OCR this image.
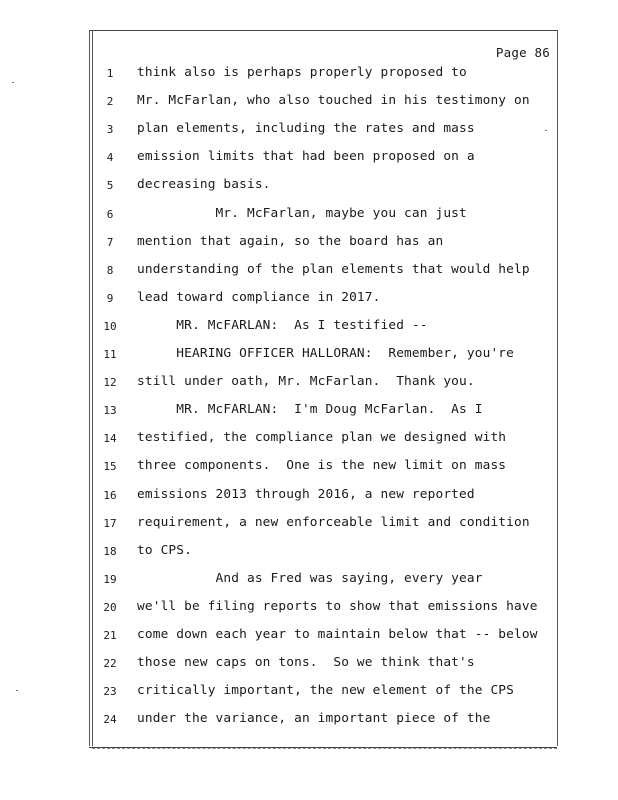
Page 86
1	think also is perhaps properly proposed to
2	Mr. McFarlan, who also touched in his testimony on
3	plan elements, including the rates and mass
4	emission limits that had been proposed on a
5	decreasing basis.
6	Mr. McFarlan, maybe you can just
7	mention that again, so the board has an
8	understanding of the plan elements that would help
9	lead toward compliance in 2017.
10	MR. McFARLAN:  As I testified --
11	HEARING OFFICER HALLORAN:  Remember, you're
12	still under oath, Mr. McFarlan.  Thank you.
13	MR. McFARLAN:  I'm Doug McFarlan.  As I
14	testified, the compliance plan we designed with
15	three components.  One is the new limit on mass
16	emissions 2013 through 2016, a new reported
17	requirement, a new enforceable limit and condition
18	to CPS.
19	And as Fred was saying, every year
20	we'll be filing reports to show that emissions have
21	come down each year to maintain below that -- below
22	those new caps on tons.  So we think that's
23	critically important, the new element of the CPS
24	under the variance, an important piece of the
